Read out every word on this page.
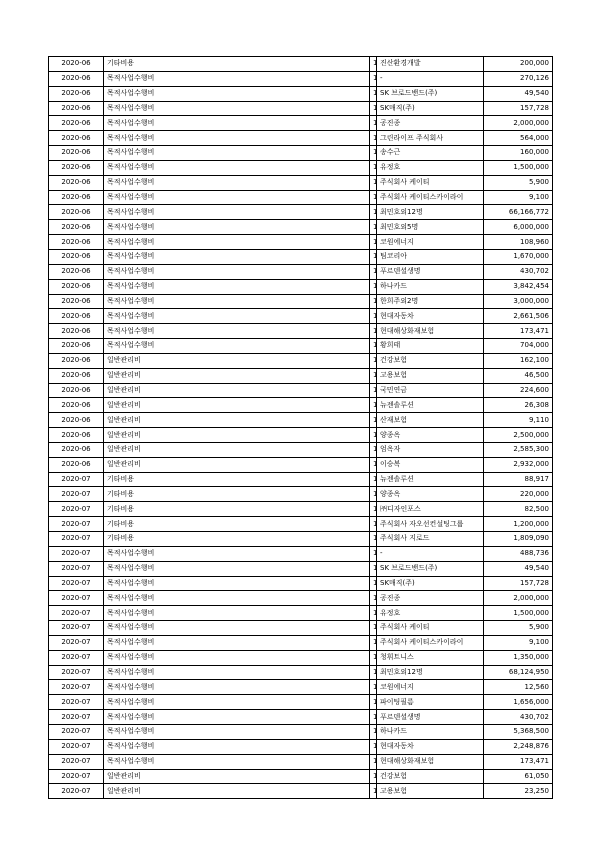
2020-06	기타비용	1	진산환경개발	200,000
2020-06	목적사업수행비	1	-	270,126
2020-06	목적사업수행비	1	SK 브로드밴드(주)	49,540
2020-06	목적사업수행비	1	SK매직(주)	157,728
2020-06	목적사업수행비	1	공진종	2,000,000
2020-06	목적사업수행비	1	그린라이프 주식회사	564,000
2020-06	목적사업수행비	1	송수근	160,000
2020-06	목적사업수행비	1	유정호	1,500,000
2020-06	목적사업수행비	1	주식회사 케이티	5,900
2020-06	목적사업수행비	1	주식회사 케이티스카이라이	9,100
2020-06	목적사업수행비	1	최민호외12명	66,166,772
2020-06	목적사업수행비	1	최민호외5명	6,000,000
2020-06	목적사업수행비	1	코원에너지	108,960
2020-06	목적사업수행비	1	팀코리아	1,670,000
2020-06	목적사업수행비	1	푸르덴셜생명	430,702
2020-06	목적사업수행비	1	하나카드	3,842,454
2020-06	목적사업수행비	1	한희주외2명	3,000,000
2020-06	목적사업수행비	1	현대자동차	2,661,506
2020-06	목적사업수행비	1	현대해상화재보험	173,471
2020-06	목적사업수행비	1	황희태	704,000
2020-06	일반관리비	1	건강보험	162,100
2020-06	일반관리비	1	고용보험	46,500
2020-06	일반관리비	1	국민연금	224,600
2020-06	일반관리비	1	뉴젠솔루션	26,308
2020-06	일반관리비	1	산재보험	9,110
2020-06	일반관리비	1	양종옥	2,500,000
2020-06	일반관리비	1	엄옥자	2,585,300
2020-06	일반관리비	1	이승복	2,932,000
2020-07	기타비용	1	뉴젠솔루션	88,917
2020-07	기타비용	1	양종옥	220,000
2020-07	기타비용	1	㈜디자인포스	82,500
2020-07	기타비용	1	주식회사 자오선컨설팅그룹	1,200,000
2020-07	기타비용	1	주식회사 지로드	1,809,090
2020-07	목적사업수행비	1	-	488,736
2020-07	목적사업수행비	1	SK 브로드밴드(주)	49,540
2020-07	목적사업수행비	1	SK매직(주)	157,728
2020-07	목적사업수행비	1	공진종	2,000,000
2020-07	목적사업수행비	1	유정호	1,500,000
2020-07	목적사업수행비	1	주식회사 케이티	5,900
2020-07	목적사업수행비	1	주식회사 케이티스카이라이	9,100
2020-07	목적사업수행비	1	청휘트니스	1,350,000
2020-07	목적사업수행비	1	최민호외12명	68,124,950
2020-07	목적사업수행비	1	코원에너지	12,560
2020-07	목적사업수행비	1	파이팅필름	1,656,000
2020-07	목적사업수행비	1	푸르덴셜생명	430,702
2020-07	목적사업수행비	1	하나카드	5,368,500
2020-07	목적사업수행비	1	현대자동차	2,248,876
2020-07	목적사업수행비	1	현대해상화재보험	173,471
2020-07	일반관리비	1	건강보험	61,050
2020-07	일반관리비	1	고용보험	23,250
